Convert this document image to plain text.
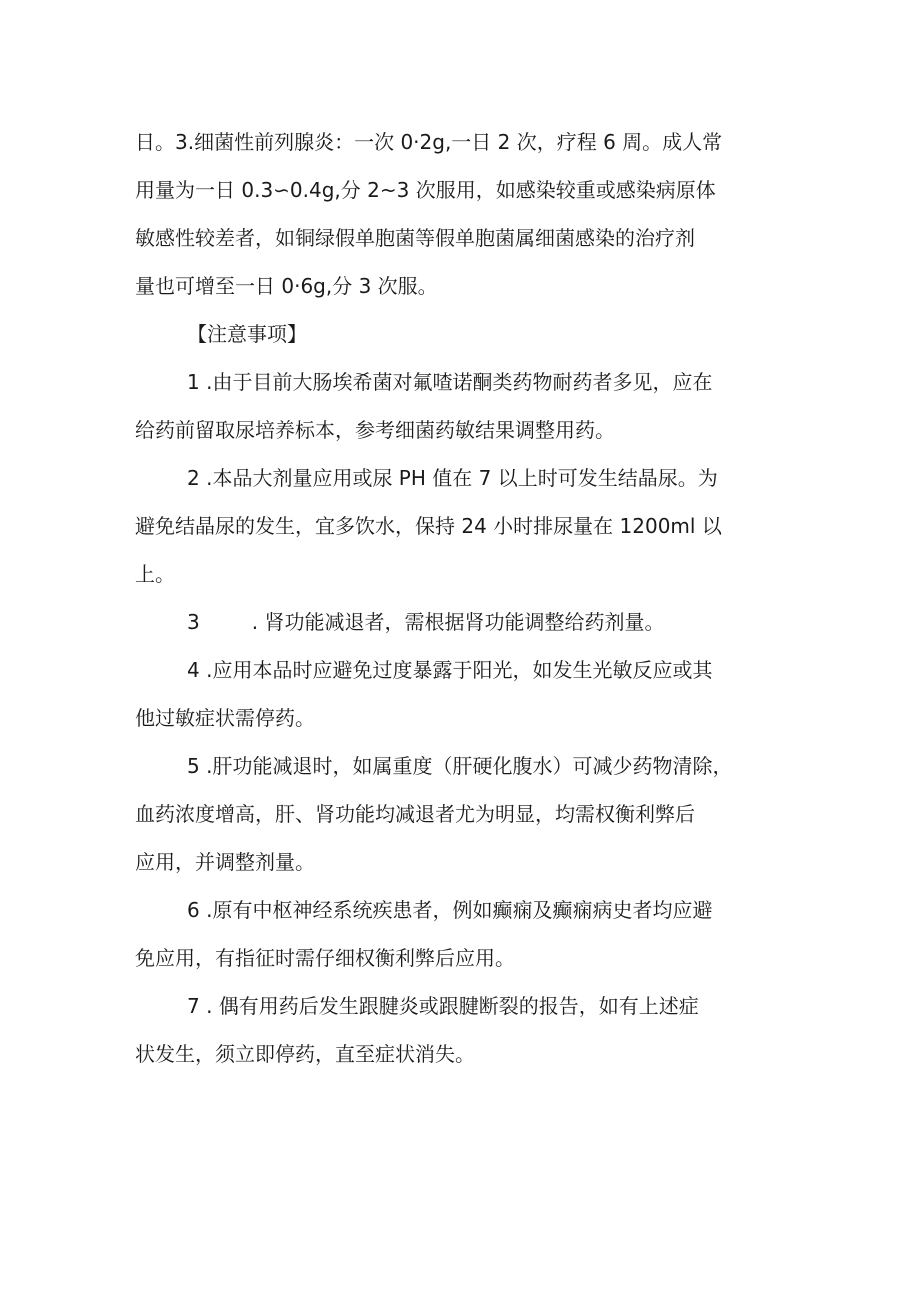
日。3.细菌性前列腺炎：一次 0·2g,一日 2 次，疗程 6 周。成人常
用量为一日 0.3∽0.4g,分 2~3 次服用，如感染较重或感染病原体
敏感性较差者，如铜绿假单胞菌等假单胞菌属细菌感染的治疗剂
量也可增至一日 0·6g,分 3 次服。
【注意事项】
1 .由于目前大肠埃希菌对氟喳诺酮类药物耐药者多见，应在
给药前留取尿培养标本，参考细菌药敏结果调整用药。
2 .本品大剂量应用或尿 PH 值在 7 以上时可发生结晶尿。为
避免结晶尿的发生，宜多饮水，保持 24 小时排尿量在 1200ml 以
上。
3	. 肾功能减退者，需根据肾功能调整给药剂量。
4 .应用本品时应避免过度暴露于阳光，如发生光敏反应或其
他过敏症状需停药。
5 .肝功能减退时，如属重度（肝硬化腹水）可减少药物清除，
血药浓度增高，肝、肾功能均减退者尤为明显，均需权衡利弊后
应用，并调整剂量。
6 .原有中枢神经系统疾患者，例如癫痫及癫痫病史者均应避
免应用，有指征时需仔细权衡利弊后应用。
7 . 偶有用药后发生跟腱炎或跟腱断裂的报告，如有上述症
状发生，须立即停药，直至症状消失。
